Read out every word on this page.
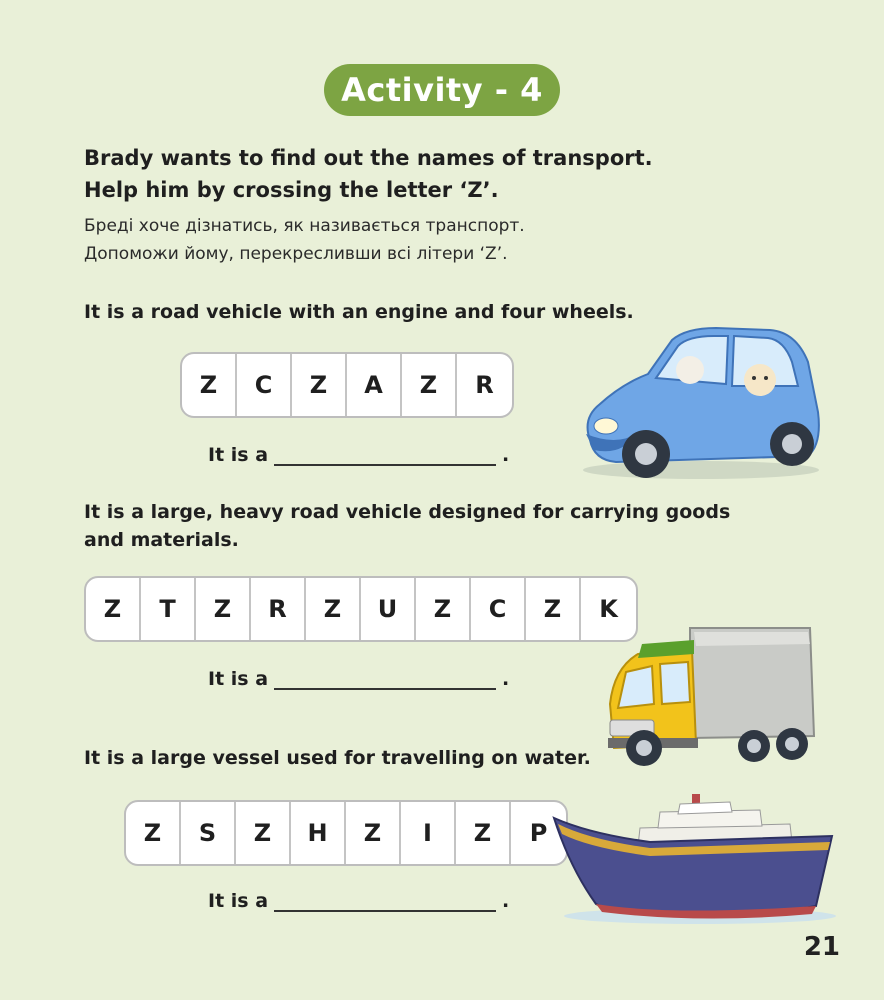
Activity - 4
Brady wants to find out the names of transport.
Help him by crossing the letter ‘Z’.
Бреді хоче дізнатись, як називається транспорт.
Допоможи йому, перекресливши всі літери ‘Z’.
It is a road vehicle with an engine and four wheels.
Z	C	Z	A	Z	R
It is a	.
It is a large, heavy road vehicle designed for carrying goods
and materials.
Z	T	Z	R	Z	U	Z	C	Z	K
It is a	.
It is a large vessel used for travelling on water.
Z	S	Z	H	Z	I	Z	P
It is a	.
21
